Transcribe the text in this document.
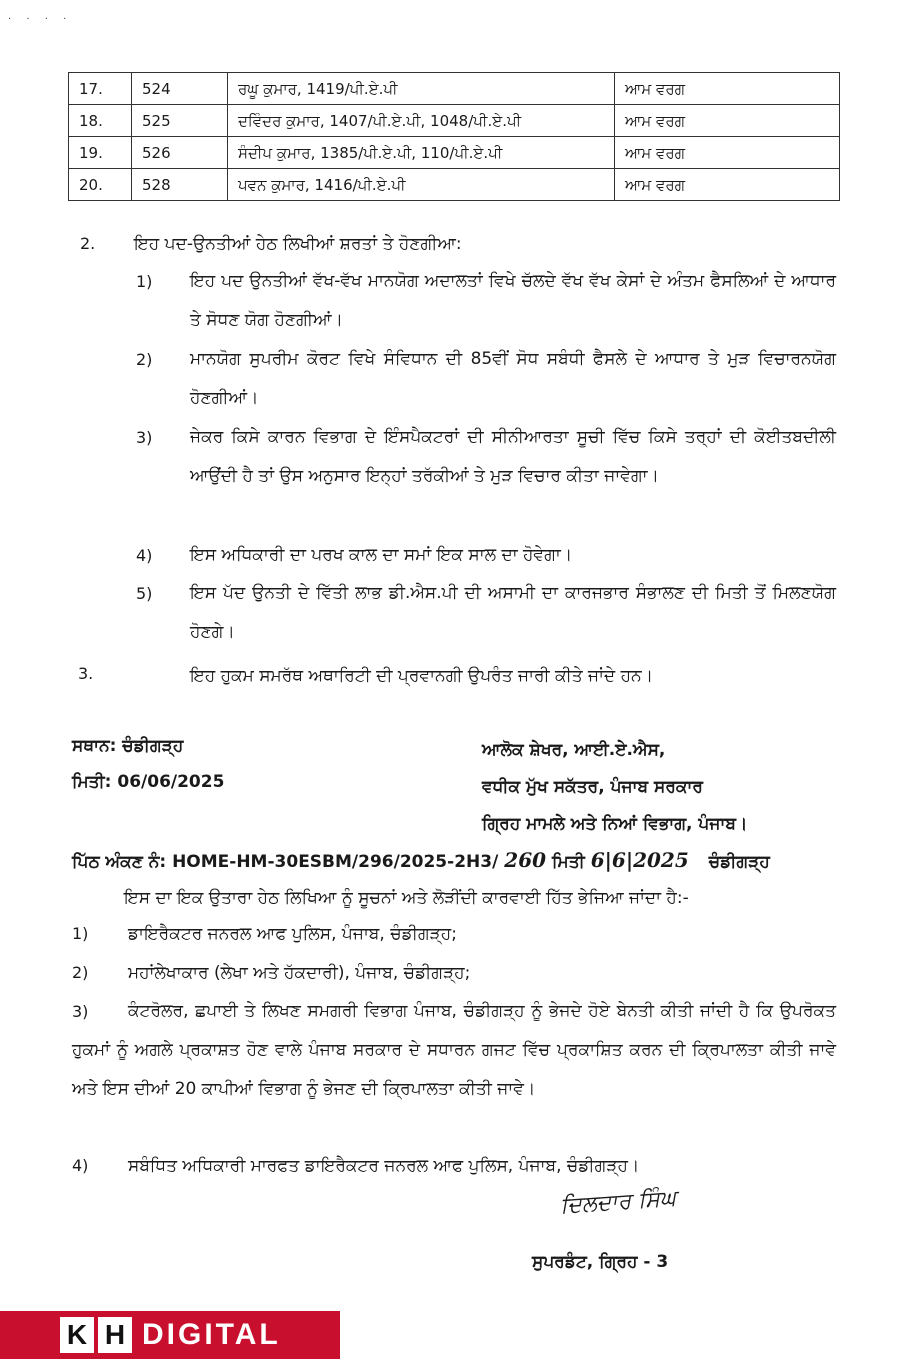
· · · ·
17.	524	ਰਘੂ ਕੁਮਾਰ, 1419/ਪੀ.ਏ.ਪੀ	ਆਮ ਵਰਗ
18.	525	ਦਵਿੰਦਰ ਕੁਮਾਰ, 1407/ਪੀ.ਏ.ਪੀ, 1048/ਪੀ.ਏ.ਪੀ	ਆਮ ਵਰਗ
19.	526	ਸੰਦੀਪ ਕੁਮਾਰ, 1385/ਪੀ.ਏ.ਪੀ, 110/ਪੀ.ਏ.ਪੀ	ਆਮ ਵਰਗ
20.	528	ਪਵਨ ਕੁਮਾਰ, 1416/ਪੀ.ਏ.ਪੀ	ਆਮ ਵਰਗ
2. ਇਹ ਪਦ-ਉਨਤੀਆਂ ਹੇਠ ਲਿਖੀਆਂ ਸ਼ਰਤਾਂ ਤੇ ਹੋਣਗੀਆ:
1) ਇਹ ਪਦ ਉਨਤੀਆਂ ਵੱਖ-ਵੱਖ ਮਾਨਯੋਗ ਅਦਾਲਤਾਂ ਵਿਖੇ ਚੱਲਦੇ ਵੱਖ ਵੱਖ ਕੇਸਾਂ ਦੇ ਅੰਤਮ ਫੈਸਲਿਆਂ ਦੇ ਆਧਾਰ ਤੇ ਸੋਧਣ ਯੋਗ ਹੋਣਗੀਆਂ।
2) ਮਾਨਯੋਗ ਸੁਪਰੀਮ ਕੋਰਟ ਵਿਖੇ ਸੰਵਿਧਾਨ ਦੀ 85ਵੀਂ ਸੋਧ ਸਬੰਧੀ ਫੈਸਲੇ ਦੇ ਆਧਾਰ ਤੇ ਮੁੜ ਵਿਚਾਰਨਯੋਗ ਹੋਣਗੀਆਂ।
3) ਜੇਕਰ ਕਿਸੇ ਕਾਰਨ ਵਿਭਾਗ ਦੇ ਇੰਸਪੈਕਟਰਾਂ ਦੀ ਸੀਨੀਆਰਤਾ ਸੂਚੀ ਵਿੱਚ ਕਿਸੇ ਤਰ੍ਹਾਂ ਦੀ ਕੋਈਤਬਦੀਲੀ ਆਉਂਦੀ ਹੈ ਤਾਂ ਉਸ ਅਨੁਸਾਰ ਇਨ੍ਹਾਂ ਤਰੱਕੀਆਂ ਤੇ ਮੁੜ ਵਿਚਾਰ ਕੀਤਾ ਜਾਵੇਗਾ।
4) ਇਸ ਅਧਿਕਾਰੀ ਦਾ ਪਰਖ ਕਾਲ ਦਾ ਸਮਾਂ ਇਕ ਸਾਲ ਦਾ ਹੋਵੇਗਾ।
5) ਇਸ ਪੱਦ ਉਨਤੀ ਦੇ ਵਿੱਤੀ ਲਾਭ ਡੀ.ਐਸ.ਪੀ ਦੀ ਅਸਾਮੀ ਦਾ ਕਾਰਜਭਾਰ ਸੰਭਾਲਣ ਦੀ ਮਿਤੀ ਤੋਂ ਮਿਲਣਯੋਗ ਹੋਣਗੇ।
3.	ਇਹ ਹੁਕਮ ਸਮਰੱਥ ਅਥਾਰਿਟੀ ਦੀ ਪ੍ਰਵਾਨਗੀ ਉਪਰੰਤ ਜਾਰੀ ਕੀਤੇ ਜਾਂਦੇ ਹਨ।
ਸਥਾਨ: ਚੰਡੀਗੜ੍ਹ
ਮਿਤੀ: 06/06/2025
ਆਲੋਕ ਸ਼ੇਖਰ, ਆਈ.ਏ.ਐਸ,
ਵਧੀਕ ਮੁੱਖ ਸਕੱਤਰ, ਪੰਜਾਬ ਸਰਕਾਰ
ਗ੍ਰਿਹ ਮਾਮਲੇ ਅਤੇ ਨਿਆਂ ਵਿਭਾਗ, ਪੰਜਾਬ।
ਪਿੱਠ ਅੰਕਣ ਨੰ: HOME-HM-30ESBM/296/2025-2H3/ 260 ਮਿਤੀ 6|6|2025 ਚੰਡੀਗੜ੍ਹ
ਇਸ ਦਾ ਇਕ ਉਤਾਰਾ ਹੇਠ ਲਿਖਿਆ ਨੂੰ ਸੂਚਨਾਂ ਅਤੇ ਲੋੜੀਂਦੀ ਕਾਰਵਾਈ ਹਿੱਤ ਭੇਜਿਆ ਜਾਂਦਾ ਹੈ:-
1) ਡਾਇਰੈਕਟਰ ਜਨਰਲ ਆਫ ਪੁਲਿਸ, ਪੰਜਾਬ, ਚੰਡੀਗੜ੍ਹ;
2) ਮਹਾਂਲੇਖਾਕਾਰ (ਲੇਖਾ ਅਤੇ ਹੱਕਦਾਰੀ), ਪੰਜਾਬ, ਚੰਡੀਗੜ੍ਹ;
3)	ਕੰਟਰੋਲਰ, ਛਪਾਈ ਤੇ ਲਿਖਣ ਸਮਗਰੀ ਵਿਭਾਗ ਪੰਜਾਬ, ਚੰਡੀਗੜ੍ਹ ਨੂੰ ਭੇਜਦੇ ਹੋਏ ਬੇਨਤੀ ਕੀਤੀ ਜਾਂਦੀ ਹੈ ਕਿ ਉਪਰੋਕਤ ਹੁਕਮਾਂ ਨੂੰ ਅਗਲੇ ਪ੍ਰਕਾਸ਼ਤ ਹੋਣ ਵਾਲੇ ਪੰਜਾਬ ਸਰਕਾਰ ਦੇ ਸਧਾਰਨ ਗਜਟ ਵਿੱਚ ਪ੍ਰਕਾਸ਼ਿਤ ਕਰਨ ਦੀ ਕ੍ਰਿਪਾਲਤਾ ਕੀਤੀ ਜਾਵੇ ਅਤੇ ਇਸ ਦੀਆਂ 20 ਕਾਪੀਆਂ ਵਿਭਾਗ ਨੂੰ ਭੇਜਣ ਦੀ ਕ੍ਰਿਪਾਲਤਾ ਕੀਤੀ ਜਾਵੇ।
4) ਸਬੰਧਿਤ ਅਧਿਕਾਰੀ ਮਾਰਫਤ ਡਾਇਰੈਕਟਰ ਜਨਰਲ ਆਫ ਪੁਲਿਸ, ਪੰਜਾਬ, ਚੰਡੀਗੜ੍ਹ।
ਦਿਲਦਾਰ ਸਿੰਘ
ਸੁਪਰਡੰਟ, ਗ੍ਰਿਹ - 3
K H DIGITAL
